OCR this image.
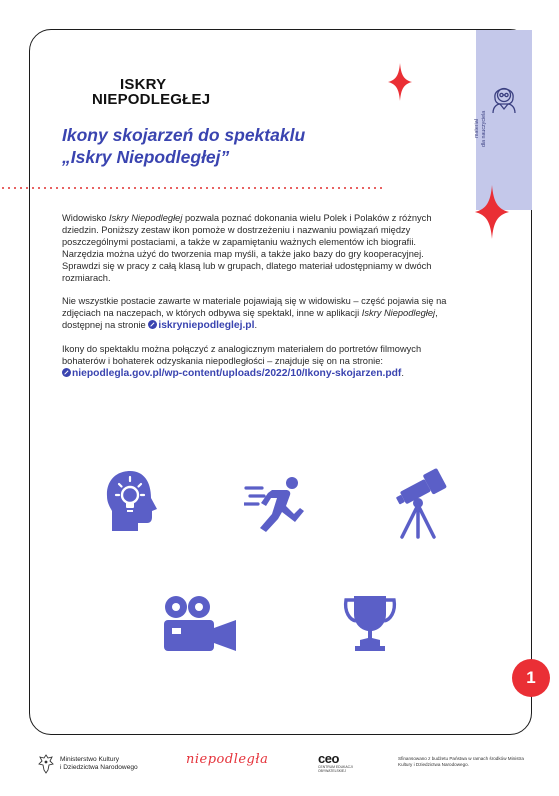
ISKRY
NIEPODLEGŁEJ
materiał
dla nauczyciela
Ikony skojarzeń do spektaklu
„Iskry Niepodległej”

Widowisko Iskry Niepodległej pozwala poznać dokonania wielu Polek i Polaków z różnych dziedzin. Poniższy zestaw ikon pomoże w dostrzeżeniu i nazwaniu powiązań między poszczególnymi postaciami, a także w zapamiętaniu ważnych elementów ich biografii. Narzędzia można użyć do tworzenia map myśli, a także jako bazy do gry kooperacyjnej. Sprawdzi się w pracy z całą klasą lub w grupach, dlatego materiał udostępniamy w dwóch rozmiarach.

Nie wszystkie postacie zawarte w materiale pojawiają się w widowisku – część pojawia się na zdjęciach na naczepach, w których odbywa się spektakl, inne w aplikacji Iskry Niepodległej, dostępnej na stronie iskryniepodleglej.pl.

Ikony do spektaklu można połączyć z analogicznym materiałem do portretów filmowych bohaterów i bohaterek odzyskania niepodległości – znajduje się on na stronie: niepodlegla.gov.pl/wp-content/uploads/2022/10/Ikony-skojarzen.pdf.

1
Ministerstwo Kultury
i Dziedzictwa Narodowego
niepodległa	ceo
CENTRUM EDUKACJI OBYWATELSKIEJ
Sfinansowano z budżetu Państwa w ramach środków Ministra Kultury i Dziedzictwa Narodowego.
